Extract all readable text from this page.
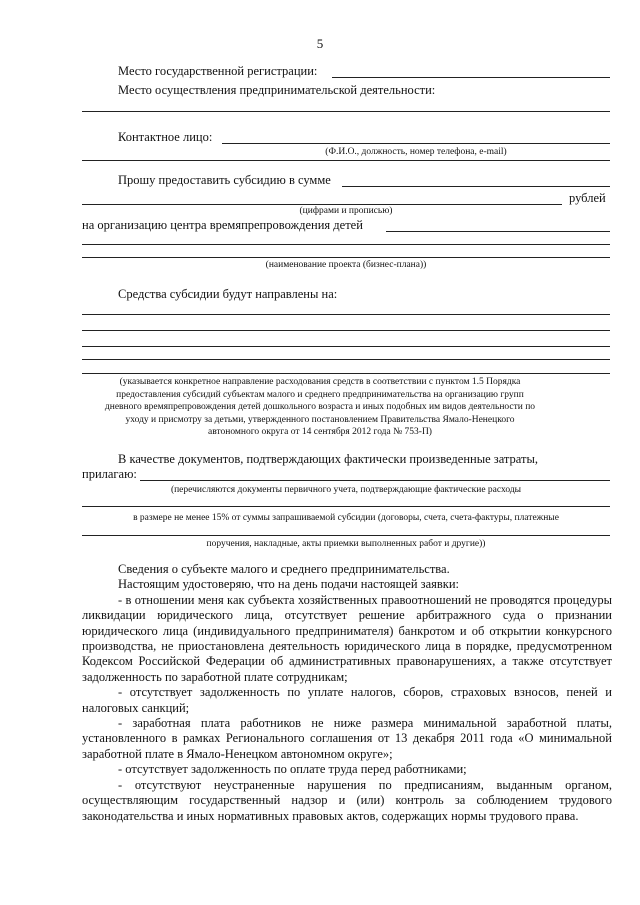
5
Место государственной регистрации:
Место осуществления предпринимательской деятельности:
Контактное лицо:
(Ф.И.О., должность, номер телефона, e-mail)
Прошу предоставить субсидию в сумме
рублей
(цифрами и прописью)
на организацию центра времяпрепровождения детей
(наименование проекта (бизнес-плана))
Средства субсидии будут направлены на:
(указывается конкретное направление расходования средств в соответствии с пунктом 1.5 Порядка предоставления субсидий субъектам малого и среднего предпринимательства на организацию групп дневного времяпрепровождения детей дошкольного возраста и иных подобных им видов деятельности по уходу и присмотру за детьми, утвержденного постановлением Правительства Ямало-Ненецкого автономного округа от 14 сентября 2012 года № 753-П)
В качестве документов, подтверждающих фактически произведенные затраты,
прилагаю:
(перечисляются документы первичного учета, подтверждающие фактические расходы
в размере не менее 15% от суммы запрашиваемой субсидии (договоры, счета, счета-фактуры, платежные
поручения, накладные, акты приемки выполненных работ и другие))

Сведения о субъекте малого и среднего предпринимательства.

Настоящим удостоверяю, что на день подачи настоящей заявки:

- в отношении меня как субъекта хозяйственных правоотношений не проводятся процедуры ликвидации юридического лица, отсутствует решение арбитражного суда о признании юридического лица (индивидуального предпринимателя) банкротом и об открытии конкурсного производства, не приостановлена деятельность юридического лица в порядке, предусмотренном Кодексом Российской Федерации об административных правонарушениях, а также отсутствует задолженность по заработной плате сотрудникам;

- отсутствует задолженность по уплате налогов, сборов, страховых взносов, пеней и налоговых санкций;

- заработная плата работников не ниже размера минимальной заработной платы, установленного в рамках Регионального соглашения от 13 декабря 2011 года «О минимальной заработной плате в Ямало-Ненецком автономном округе»;

- отсутствует задолженность по оплате труда перед работниками;

- отсутствуют неустраненные нарушения по предписаниям, выданным органом, осуществляющим государственный надзор и (или) контроль за соблюдением трудового законодательства и иных нормативных правовых актов, содержащих нормы трудового права.
